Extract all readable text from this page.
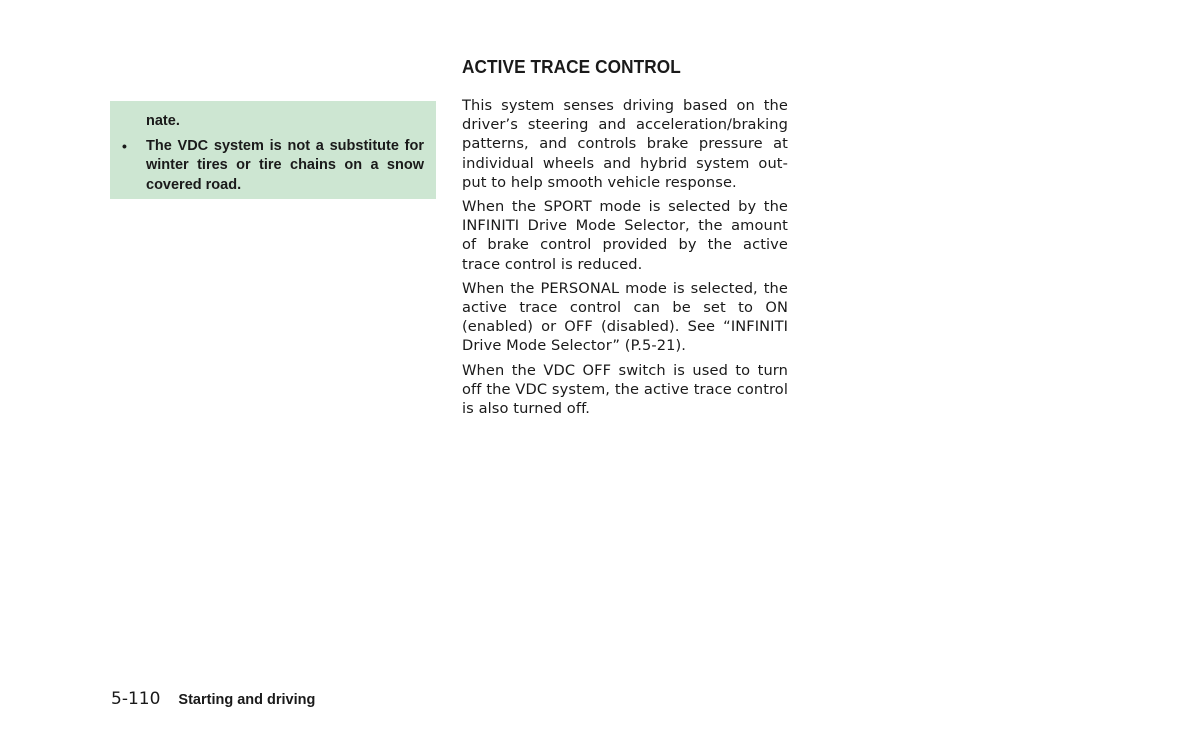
nate.

• The VDC system is not a substitute for winter tires or tire chains on a snow covered road.
ACTIVE TRACE CONTROL

This system senses driving based on the driver’s steering and acceleration/braking patterns, and controls brake pressure at individual wheels and hybrid system out-put to help smooth vehicle response.

When the SPORT mode is selected by the INFINITI Drive Mode Selector, the amount of brake control provided by the active trace control is reduced.

When the PERSONAL mode is selected, the active trace control can be set to ON (enabled) or OFF (disabled). See “INFINITI Drive Mode Selector” (P.5-21).

When the VDC OFF switch is used to turn off the VDC system, the active trace control is also turned off.

5-110 Starting and driving
